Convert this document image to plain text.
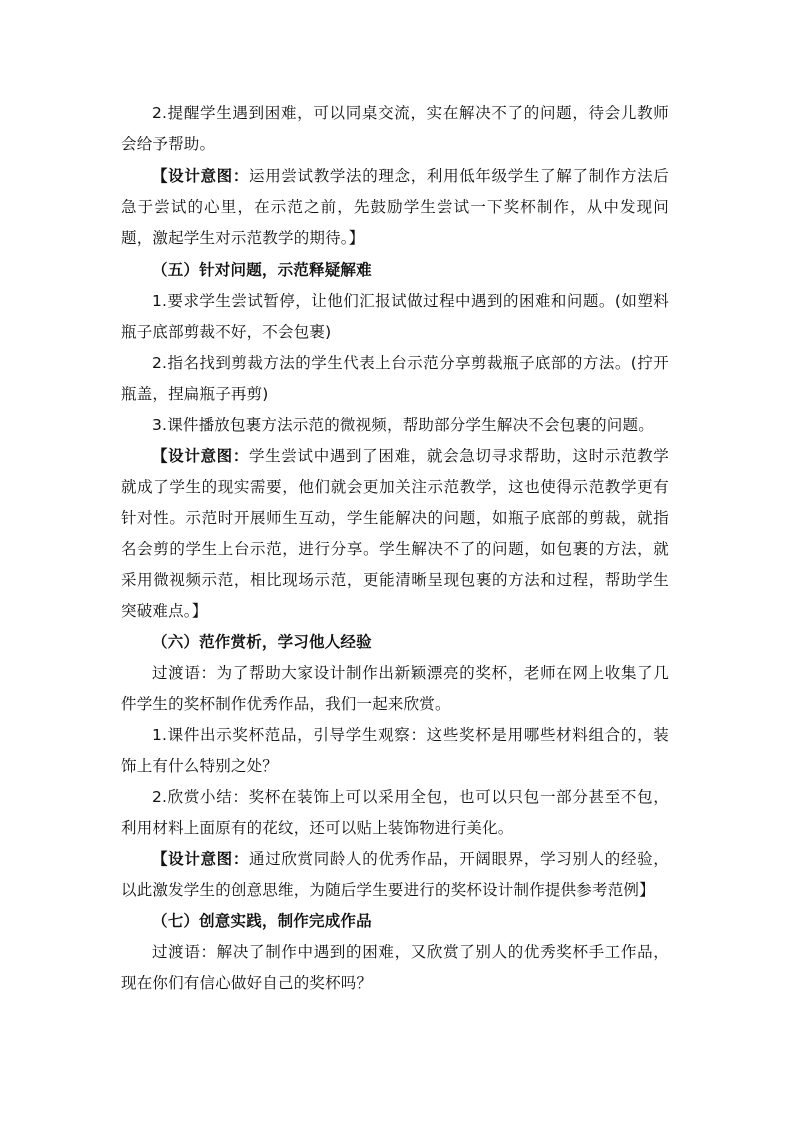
2.提醒学生遇到困难，可以同桌交流，实在解决不了的问题，待会儿教师会给予帮助。

【设计意图：运用尝试教学法的理念，利用低年级学生了解了制作方法后急于尝试的心里，在示范之前，先鼓励学生尝试一下奖杯制作，从中发现问题，激起学生对示范教学的期待。】

（五）针对问题，示范释疑解难

1.要求学生尝试暂停，让他们汇报试做过程中遇到的困难和问题。(如塑料瓶子底部剪裁不好，不会包裹)

2.指名找到剪裁方法的学生代表上台示范分享剪裁瓶子底部的方法。(拧开瓶盖，捏扁瓶子再剪)

3.课件播放包裹方法示范的微视频，帮助部分学生解决不会包裹的问题。

【设计意图：学生尝试中遇到了困难，就会急切寻求帮助，这时示范教学就成了学生的现实需要，他们就会更加关注示范教学，这也使得示范教学更有针对性。示范时开展师生互动，学生能解决的问题，如瓶子底部的剪裁，就指名会剪的学生上台示范，进行分享。学生解决不了的问题，如包裹的方法，就采用微视频示范，相比现场示范，更能清晰呈现包裹的方法和过程，帮助学生突破难点。】

（六）范作赏析，学习他人经验

过渡语：为了帮助大家设计制作出新颖漂亮的奖杯，老师在网上收集了几件学生的奖杯制作优秀作品，我们一起来欣赏。

1.课件出示奖杯范品，引导学生观察：这些奖杯是用哪些材料组合的，装饰上有什么特别之处？

2.欣赏小结：奖杯在装饰上可以采用全包，也可以只包一部分甚至不包，利用材料上面原有的花纹，还可以贴上装饰物进行美化。

【设计意图：通过欣赏同龄人的优秀作品，开阔眼界，学习别人的经验，以此激发学生的创意思维，为随后学生要进行的奖杯设计制作提供参考范例】

（七）创意实践，制作完成作品

过渡语：解决了制作中遇到的困难，又欣赏了别人的优秀奖杯手工作品，现在你们有信心做好自己的奖杯吗？
